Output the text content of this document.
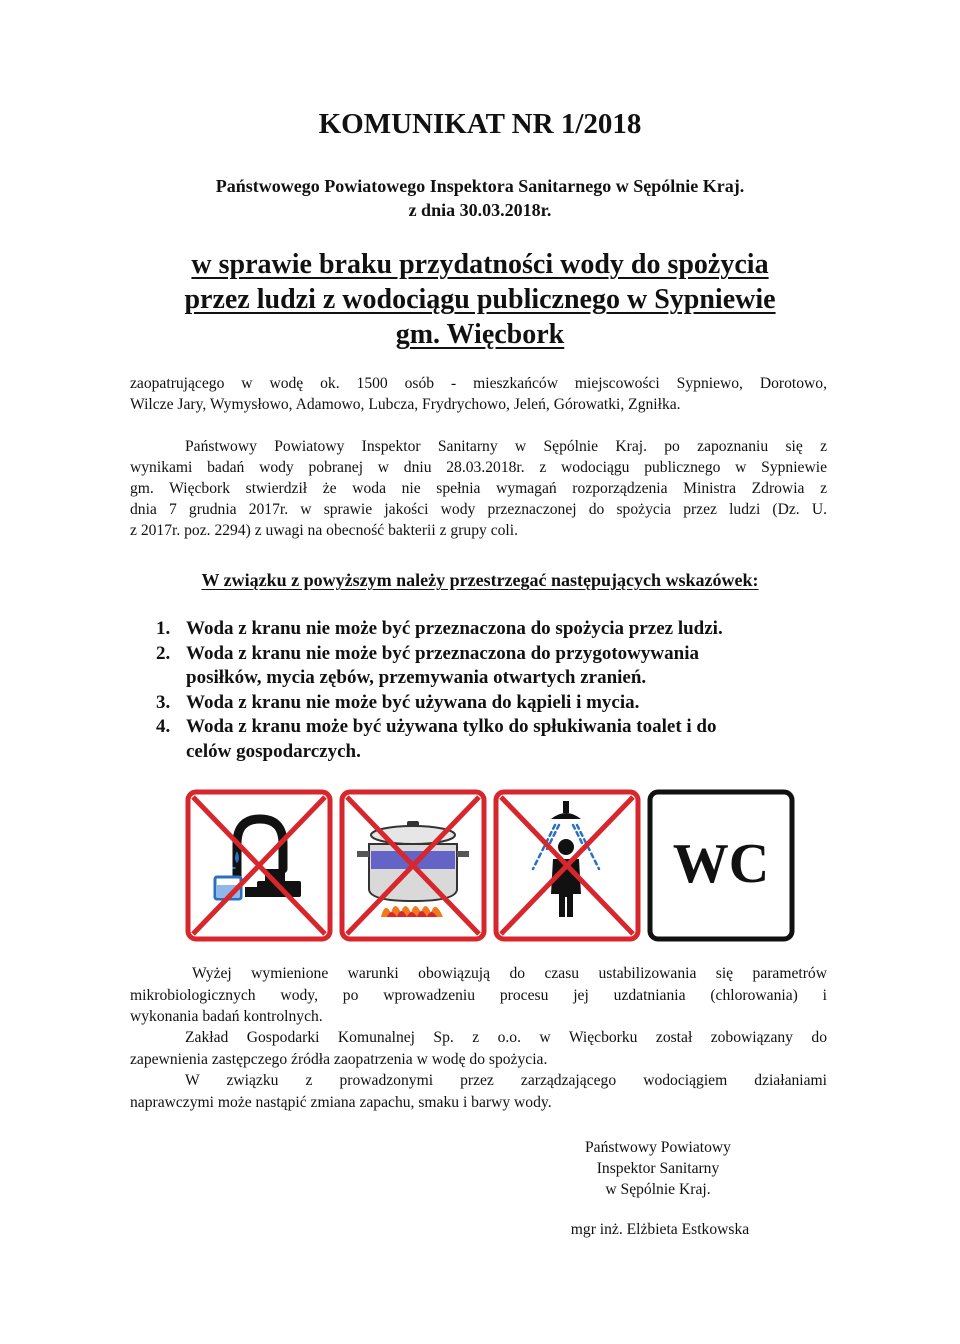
KOMUNIKAT NR 1/2018
Państwowego Powiatowego Inspektora Sanitarnego w Sępólnie Kraj.
z dnia 30.03.2018r.
w sprawie braku przydatności wody do spożycia
przez ludzi z wodociągu publicznego w Sypniewie
gm. Więcbork
zaopatrującego w wodę ok. 1500 osób - mieszkańców miejscowości Sypniewo, Dorotowo,
Wilcze Jary, Wymysłowo, Adamowo, Lubcza, Frydrychowo, Jeleń, Górowatki, Zgniłka.
Państwowy Powiatowy Inspektor Sanitarny w Sępólnie Kraj. po zapoznaniu się z
wynikami badań wody pobranej w dniu 28.03.2018r. z wodociągu publicznego w Sypniewie
gm. Więcbork stwierdził że woda nie spełnia wymagań rozporządzenia Ministra Zdrowia z
dnia 7 grudnia 2017r. w sprawie jakości wody przeznaczonej do spożycia przez ludzi (Dz. U.
z 2017r. poz. 2294) z uwagi na obecność bakterii z grupy coli.
W związku z powyższym należy przestrzegać następujących wskazówek:
1. Woda z kranu nie może być przeznaczona do spożycia przez ludzi.
2. Woda z kranu nie może być przeznaczona do przygotowywania
posiłków, mycia zębów, przemywania otwartych zranień.
3. Woda z kranu nie może być używana do kąpieli i mycia.
4. Woda z kranu może być używana tylko do spłukiwania toalet i do
celów gospodarczych.
WC
Wyżej wymienione warunki obowiązują do czasu ustabilizowania się parametrów
mikrobiologicznych wody, po wprowadzeniu procesu jej uzdatniania (chlorowania) i
wykonania badań kontrolnych.
Zakład Gospodarki Komunalnej Sp. z o.o. w Więcborku został zobowiązany do
zapewnienia zastępczego źródła zaopatrzenia w wodę do spożycia.
W związku z prowadzonymi przez zarządzającego wodociągiem działaniami
naprawczymi może nastąpić zmiana zapachu, smaku i barwy wody.
Państwowy Powiatowy
Inspektor Sanitarny
w Sępólnie Kraj.
mgr inż. Elżbieta Estkowska
